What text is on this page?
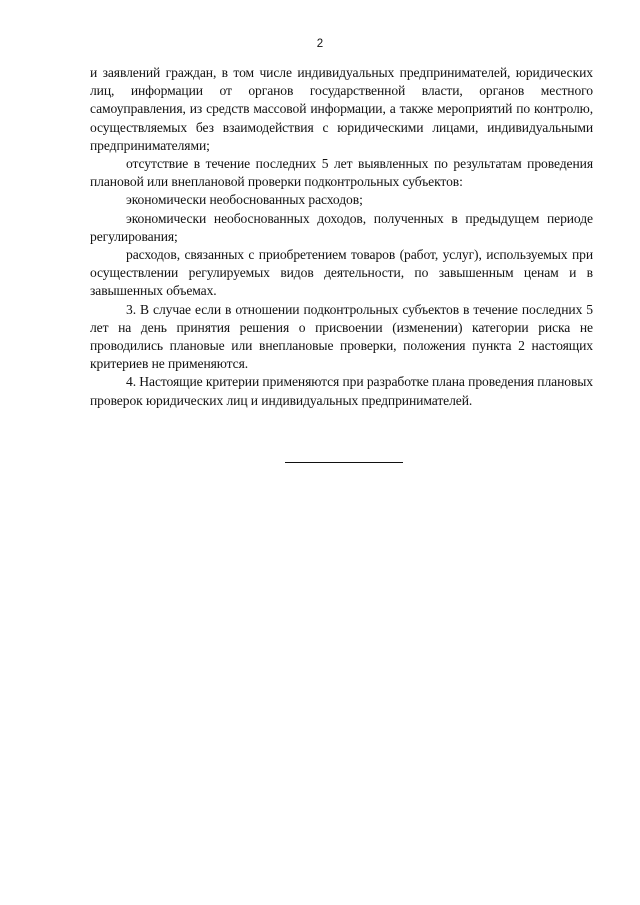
2

и заявлений граждан, в том числе индивидуальных предпринимателей, юридических лиц, информации от органов государственной власти, органов местного самоуправления, из средств массовой информации, а также мероприятий по контролю, осуществляемых без взаимодействия с юридическими лицами, индивидуальными предпринимателями;

отсутствие в течение последних 5 лет выявленных по результатам проведения плановой или внеплановой проверки подконтрольных субъектов:

экономически необоснованных расходов;

экономически необоснованных доходов, полученных в предыдущем периоде регулирования;

расходов, связанных с приобретением товаров (работ, услуг), используемых при осуществлении регулируемых видов деятельности, по завышенным ценам и в завышенных объемах.

3. В случае если в отношении подконтрольных субъектов в течение последних 5 лет на день принятия решения о присвоении (изменении) категории риска не проводились плановые или внеплановые проверки, положения пункта 2 настоящих критериев не применяются.

4. Настоящие критерии применяются при разработке плана проведения плановых проверок юридических лиц и индивидуальных предпринимателей.
